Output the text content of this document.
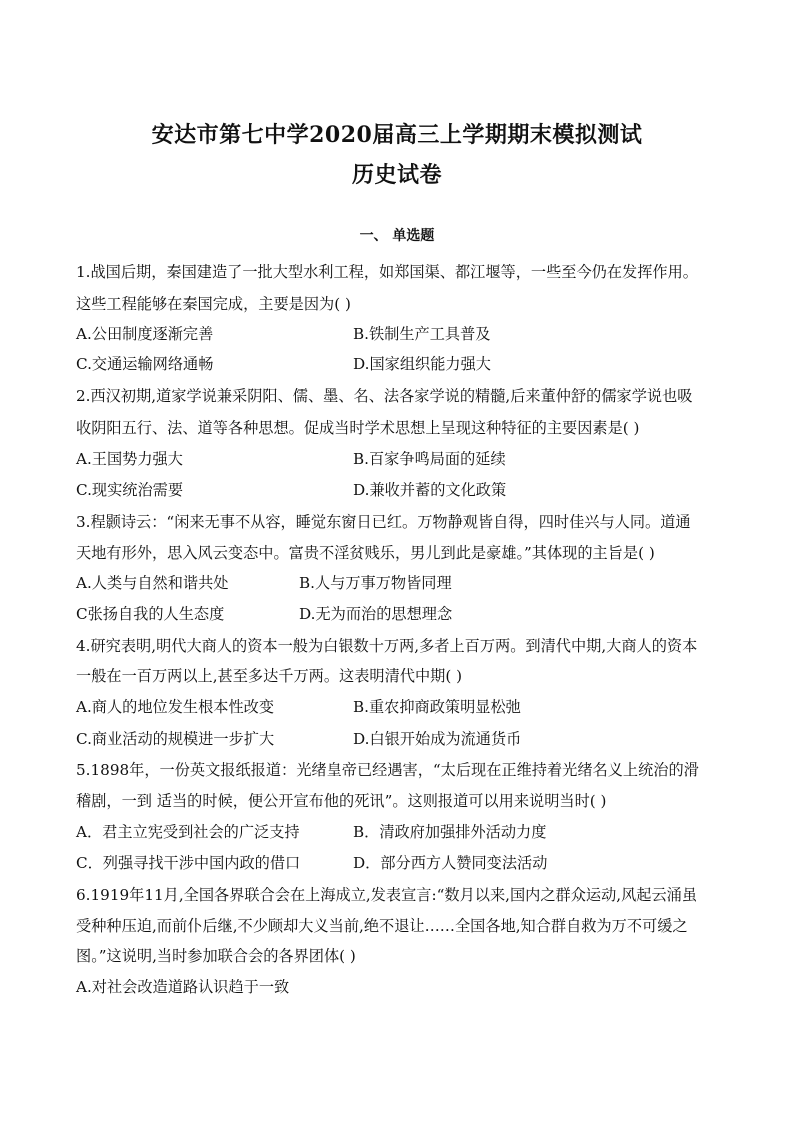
安达市第七中学2020届高三上学期期末模拟测试
历史试卷
一、 单选题
1.战国后期，秦国建造了一批大型水利工程，如郑国渠、都江堰等，一些至今仍在发挥作用。
这些工程能够在秦国完成，主要是因为( )
A.公田制度逐渐完善	B.铁制生产工具普及
C.交通运输网络通畅	D.国家组织能力强大
2.西汉初期,道家学说兼采阴阳、儒、墨、名、法各家学说的精髓,后来董仲舒的儒家学说也吸
收阴阳五行、法、道等各种思想。促成当时学术思想上呈现这种特征的主要因素是( )
A.王国势力强大	B.百家争鸣局面的延续
C.现实统治需要	D.兼收并蓄的文化政策
3.程颢诗云：“闲来无事不从容，睡觉东窗日已红。万物静观皆自得，四时佳兴与人同。道通
天地有形外，思入风云变态中。富贵不淫贫贱乐，男儿到此是豪雄。”其体现的主旨是( )
A.人类与自然和谐共处	B.人与万事万物皆同理
C张扬自我的人生态度	D.无为而治的思想理念
4.研究表明,明代大商人的资本一般为白银数十万两,多者上百万两。到清代中期,大商人的资本
一般在一百万两以上,甚至多达千万两。这表明清代中期( )
A.商人的地位发生根本性改变	B.重农抑商政策明显松弛
C.商业活动的规模进一步扩大	D.白银开始成为流通货币
5.1898年，一份英文报纸报道：光绪皇帝已经遇害，“太后现在正维持着光绪名义上统治的滑
稽剧，一到 适当的时候，便公开宣布他的死讯”。这则报道可以用来说明当时( )
A．君主立宪受到社会的广泛支持	B．清政府加强排外活动力度
C．列强寻找干涉中国内政的借口	D．部分西方人赞同变法活动
6.1919年11月,全国各界联合会在上海成立,发表宣言:“数月以来,国内之群众运动,风起云涌虽
受种种压迫,而前仆后继,不少顾却大义当前,绝不退让……全国各地,知合群自救为万不可缓之
图。”这说明,当时参加联合会的各界团体( )
A.对社会改造道路认识趋于一致
